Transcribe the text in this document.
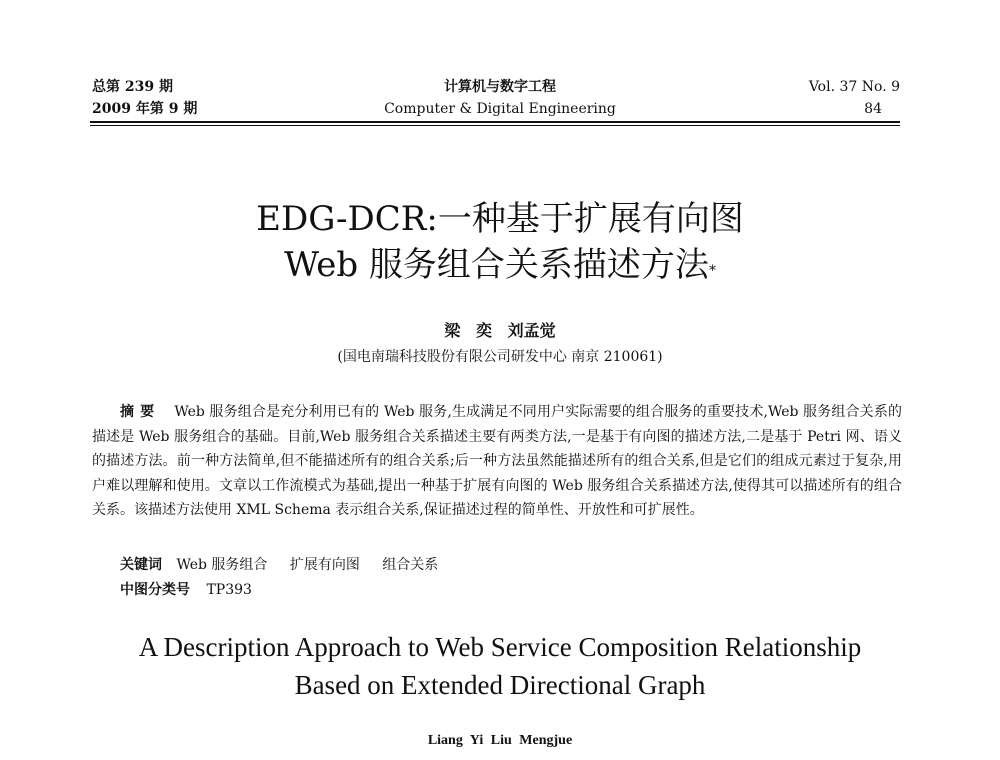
总第 239 期
2009 年第 9 期
计算机与数字工程
Computer & Digital Engineering
Vol. 37 No. 9
84
EDG-DCR:一种基于扩展有向图
Web 服务组合关系描述方法*
梁 奕 刘孟觉
(国电南瑞科技股份有限公司研发中心 南京 210061)
摘要 Web 服务组合是充分利用已有的 Web 服务,生成满足不同用户实际需要的组合服务的重要技术,Web 服务组合关系的描述是 Web 服务组合的基础。目前,Web 服务组合关系描述主要有两类方法,一是基于有向图的描述方法,二是基于 Petri 网、语义的描述方法。前一种方法简单,但不能描述所有的组合关系;后一种方法虽然能描述所有的组合关系,但是它们的组成元素过于复杂,用户难以理解和使用。文章以工作流模式为基础,提出一种基于扩展有向图的 Web 服务组合关系描述方法,使得其可以描述所有的组合关系。该描述方法使用 XML Schema 表示组合关系,保证描述过程的简单性、开放性和可扩展性。
关键词 Web 服务组合 扩展有向图 组合关系
中图分类号 TP393
A Description Approach to Web Service Composition Relationship
Based on Extended Directional Graph
Liang Yi Liu Mengjue
